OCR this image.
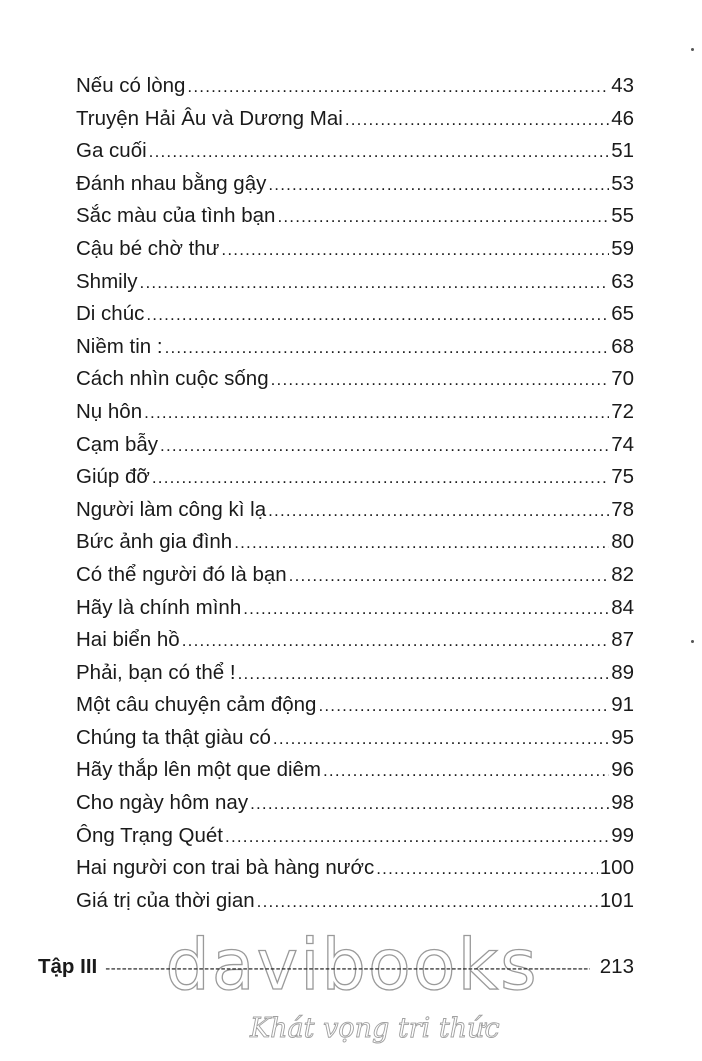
Nếu có lòng .....	43
Truyện Hải Âu và Dương Mai .....	46
Ga cuối .....	51
Đánh nhau bằng gậy .....	53
Sắc màu của tình bạn .....	55
Cậu bé chờ thư .....	59
Shmily .....	63
Di chúc .....	65
Niềm tin : .....	68
Cách nhìn cuộc sống .....	70
Nụ hôn .....	72
Cạm bẫy .....	74
Giúp đỡ .....	75
Người làm công kì lạ .....	78
Bức ảnh gia đình .....	80
Có thể người đó là bạn .....	82
Hãy là chính mình .....	84
Hai biển hồ .....	87
Phải, bạn có thể ! .....	89
Một câu chuyện cảm động .....	91
Chúng ta thật giàu có .....	95
Hãy thắp lên một que diêm .....	96
Cho ngày hôm nay .....	98
Ông Trạng Quét .....	99
Hai người con trai bà hàng nước .....	100
Giá trị của thời gian .....	101
davibooks
Khát vọng tri thức
Tập III -----	213
